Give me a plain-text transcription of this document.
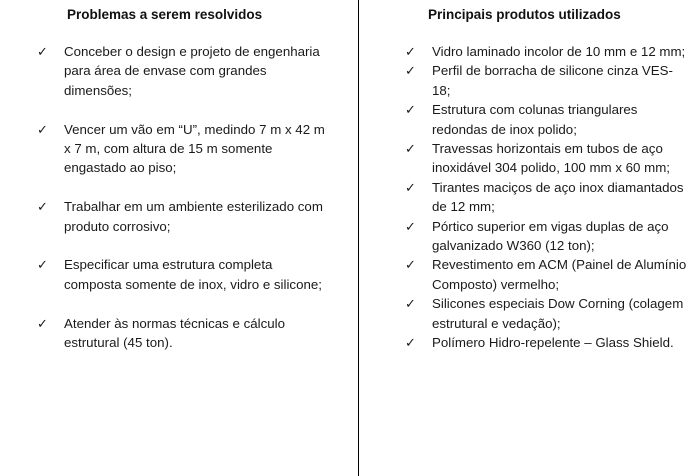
Problemas a serem resolvidos
✓ Conceber o design e projeto de engenharia para área de envase com grandes dimensões;
✓ Vencer um vão em “U”, medindo 7 m x 42 m x 7 m, com altura de 15 m somente engastado ao piso;
✓ Trabalhar em um ambiente esterilizado com produto corrosivo;
✓ Especificar uma estrutura completa composta somente de inox, vidro e silicone;
✓ Atender às normas técnicas e cálculo estrutural (45 ton).
Principais produtos utilizados
✓ Vidro laminado incolor de 10 mm e 12 mm;
✓ Perfil de borracha de silicone cinza VES-18;
✓ Estrutura com colunas triangulares redondas de inox polido;
✓ Travessas horizontais em tubos de aço inoxidável 304 polido, 100 mm x 60 mm;
✓ Tirantes maciços de aço inox diamantados de 12 mm;
✓ Pórtico superior em vigas duplas de aço galvanizado W360 (12 ton);
✓ Revestimento em ACM (Painel de Alumínio Composto) vermelho;
✓ Silicones especiais Dow Corning (colagem estrutural e vedação);
✓ Polímero Hidro-repelente – Glass Shield.
